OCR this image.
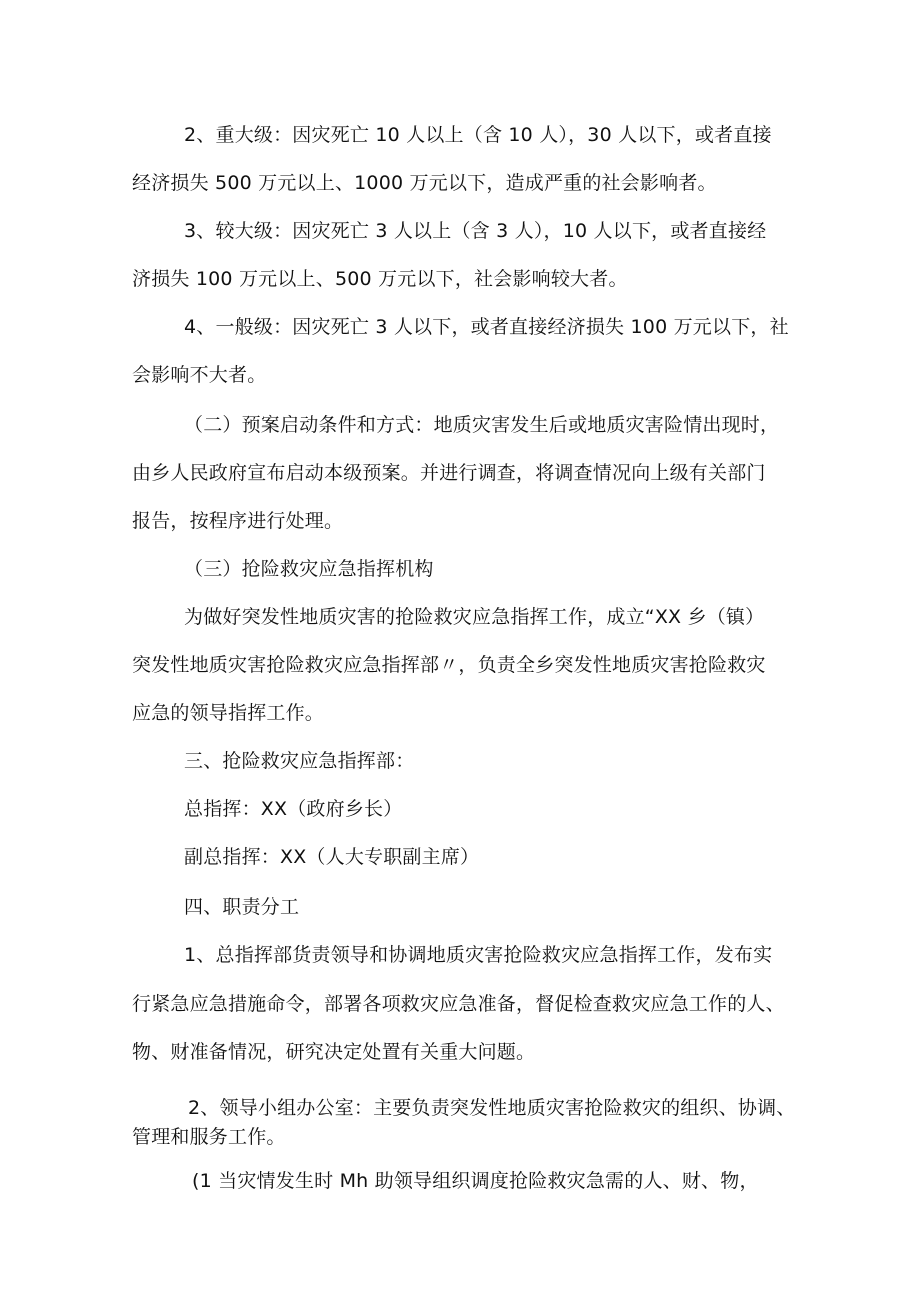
2、重大级：因灾死亡 10 人以上（含 10 人），30 人以下，或者直接
经济损失 500 万元以上、1000 万元以下，造成严重的社会影响者。
3、较大级：因灾死亡 3 人以上（含 3 人），10 人以下，或者直接经
济损失 100 万元以上、500 万元以下，社会影响较大者。
4、一般级：因灾死亡 3 人以下，或者直接经济损失 100 万元以下，社
会影响不大者。
（二）预案启动条件和方式：地质灾害发生后或地质灾害险情出现时，
由乡人民政府宣布启动本级预案。并进行调查，将调查情况向上级有关部门
报告，按程序进行处理。
（三）抢险救灾应急指挥机构
为做好突发性地质灾害的抢险救灾应急指挥工作，成立“XX 乡（镇）
突发性地质灾害抢险救灾应急指挥部〃，负责全乡突发性地质灾害抢险救灾
应急的领导指挥工作。
三、抢险救灾应急指挥部：
总指挥：XX（政府乡长）
副总指挥：XX（人大专职副主席）
四、职责分工
1、总指挥部货责领导和协调地质灾害抢险救灾应急指挥工作，发布实
行紧急应急措施命令，部署各项救灾应急准备，督促检查救灾应急工作的人、
物、财准备情况，研究决定处置有关重大问题。
2、领导小组办公室：主要负责突发性地质灾害抢险救灾的组织、协调、
管理和服务工作。
(1 当灾情发生时 Mh 助领导组织调度抢险救灾急需的人、财、物，
